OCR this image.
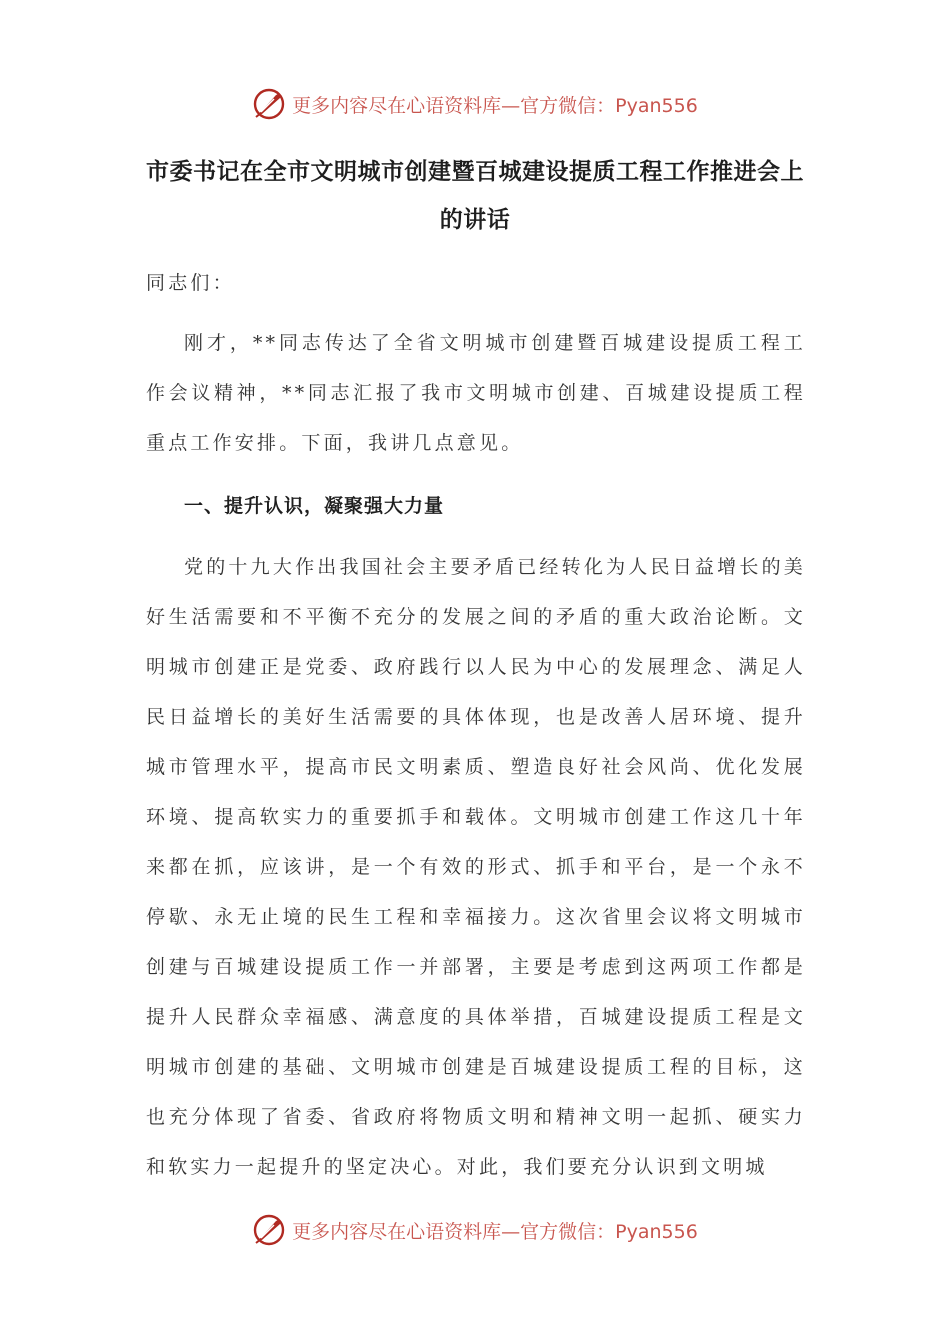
更多内容尽在心语资料库—官方微信：Pyan556
市委书记在全市文明城市创建暨百城建设提质工程工作推进会上的讲话
同志们：
刚才，**同志传达了全省文明城市创建暨百城建设提质工程工作会议精神，**同志汇报了我市文明城市创建、百城建设提质工程重点工作安排。下面，我讲几点意见。
一、提升认识，凝聚强大力量
党的十九大作出我国社会主要矛盾已经转化为人民日益增长的美好生活需要和不平衡不充分的发展之间的矛盾的重大政治论断。文明城市创建正是党委、政府践行以人民为中心的发展理念、满足人民日益增长的美好生活需要的具体体现，也是改善人居环境、提升城市管理水平，提高市民文明素质、塑造良好社会风尚、优化发展环境、提高软实力的重要抓手和载体。文明城市创建工作这几十年来都在抓，应该讲，是一个有效的形式、抓手和平台，是一个永不停歇、永无止境的民生工程和幸福接力。这次省里会议将文明城市创建与百城建设提质工作一并部署，主要是考虑到这两项工作都是提升人民群众幸福感、满意度的具体举措，百城建设提质工程是文明城市创建的基础、文明城市创建是百城建设提质工程的目标，这也充分体现了省委、省政府将物质文明和精神文明一起抓、硬实力和软实力一起提升的坚定决心。对此，我们要充分认识到文明城
更多内容尽在心语资料库—官方微信：Pyan556
